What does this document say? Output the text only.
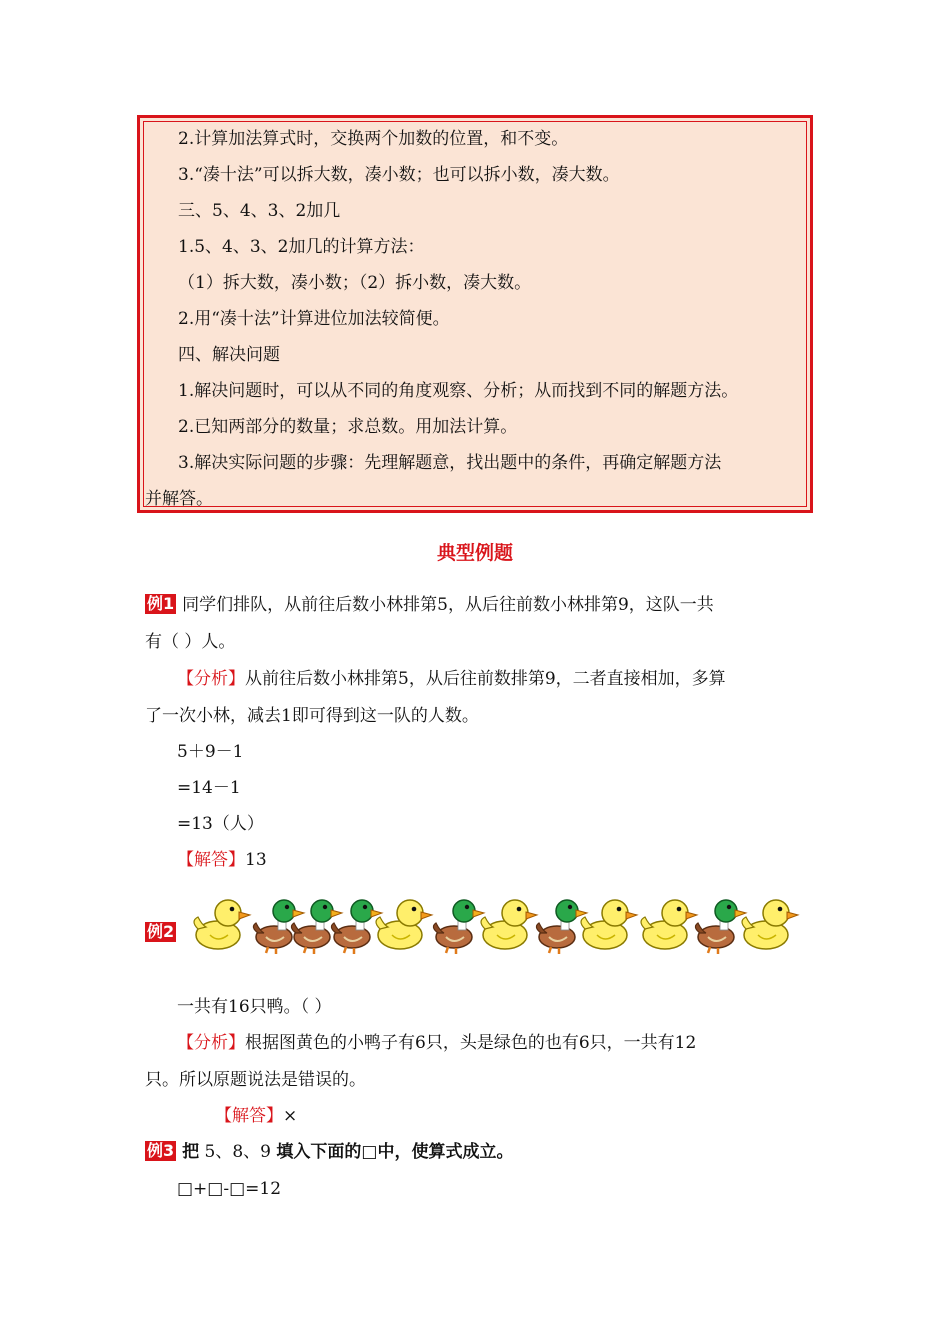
2.计算加法算式时，交换两个加数的位置，和不变。
3.“凑十法”可以拆大数，凑小数；也可以拆小数，凑大数。
三、5、4、3、2加几
1.5、4、3、2加几的计算方法：
（1）拆大数，凑小数；（2）拆小数，凑大数。
2.用“凑十法”计算进位加法较简便。
四、解决问题
1.解决问题时，可以从不同的角度观察、分析；从而找到不同的解题方法。
2.已知两部分的数量；求总数。用加法计算。
3.解决实际问题的步骤：先理解题意，找出题中的条件，再确定解题方法
并解答。
典型例题
例1 同学们排队，从前往后数小林排第5，从后往前数小林排第9，这队一共
有（ ）人。
【分析】从前往后数小林排第5，从后往前数排第9，二者直接相加，多算
了一次小林，减去1即可得到这一队的人数。
5＋9－1
=14－1
=13（人）
【解答】13
例2
一共有16只鸭。（ ）
【分析】根据图黄色的小鸭子有6只，头是绿色的也有6只，一共有12
只。所以原题说法是错误的。
【解答】×
例3 把 5、8、9 填入下面的□中，使算式成立。
□+□-□=12
